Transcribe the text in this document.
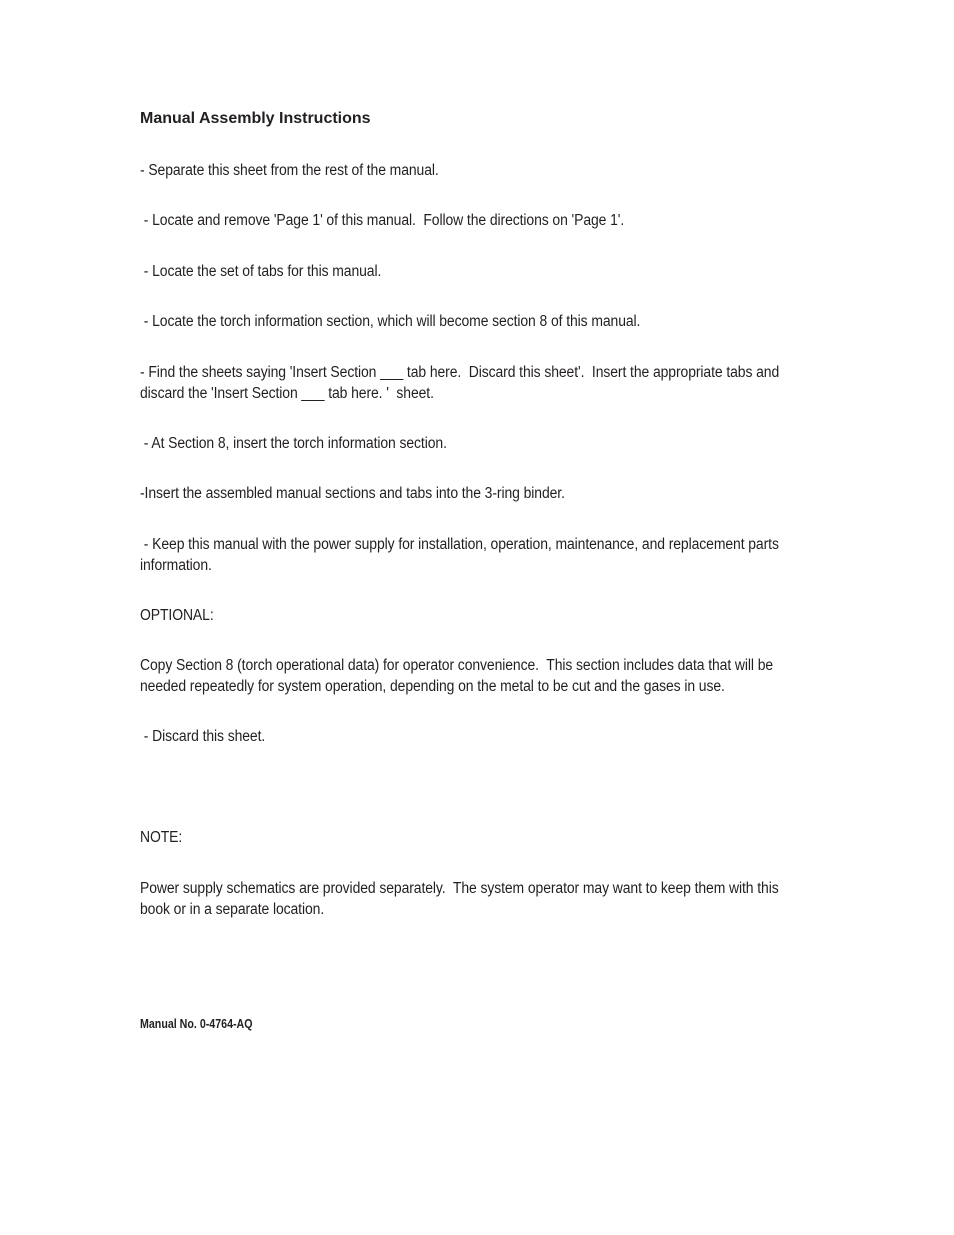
Manual Assembly Instructions
- Separate this sheet from the rest of the manual.
- Locate and remove 'Page 1' of this manual.  Follow the directions on 'Page 1'.
- Locate the set of tabs for this manual.
- Locate the torch information section, which will become section 8 of this manual.
- Find the sheets saying 'Insert Section ___ tab here.  Discard this sheet'.  Insert the appropriate tabs and discard the 'Insert Section ___ tab here. '  sheet.
- At Section 8, insert the torch information section.
-Insert the assembled manual sections and tabs into the 3-ring binder.
- Keep this manual with the power supply for installation, operation, maintenance, and replacement parts information.
OPTIONAL:
Copy Section 8 (torch operational data) for operator convenience.  This section includes data that will be needed repeatedly for system operation, depending on the metal to be cut and the gases in use.
- Discard this sheet.
NOTE:
Power supply schematics are provided separately.  The system operator may want to keep them with this book or in a separate location.
Manual No. 0-4764-AQ
